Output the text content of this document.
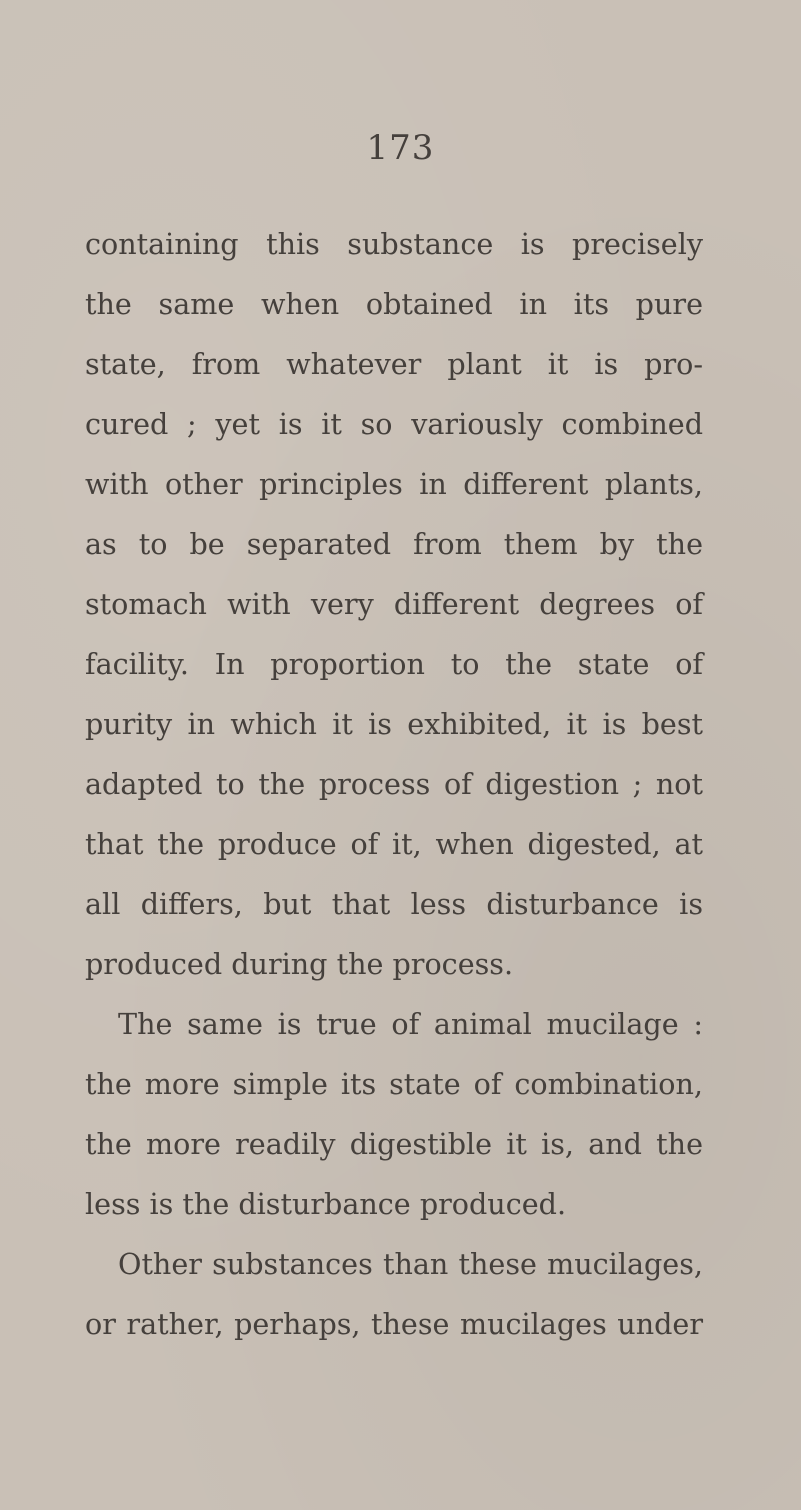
173
containing this substance is precisely
the same when obtained in its pure
state, from whatever plant it is pro-
cured ; yet is it so variously combined
with other principles in different plants,
as to be separated from them by the
stomach with very different degrees of
facility. In proportion to the state of
purity in which it is exhibited, it is best
adapted to the process of digestion ; not
that the produce of it, when digested, at
all differs, but that less disturbance is
produced during the process.
The same is true of animal mucilage :
the more simple its state of combination,
the more readily digestible it is, and the
less is the disturbance produced.
Other substances than these mucilages,
or rather, perhaps, these mucilages under
